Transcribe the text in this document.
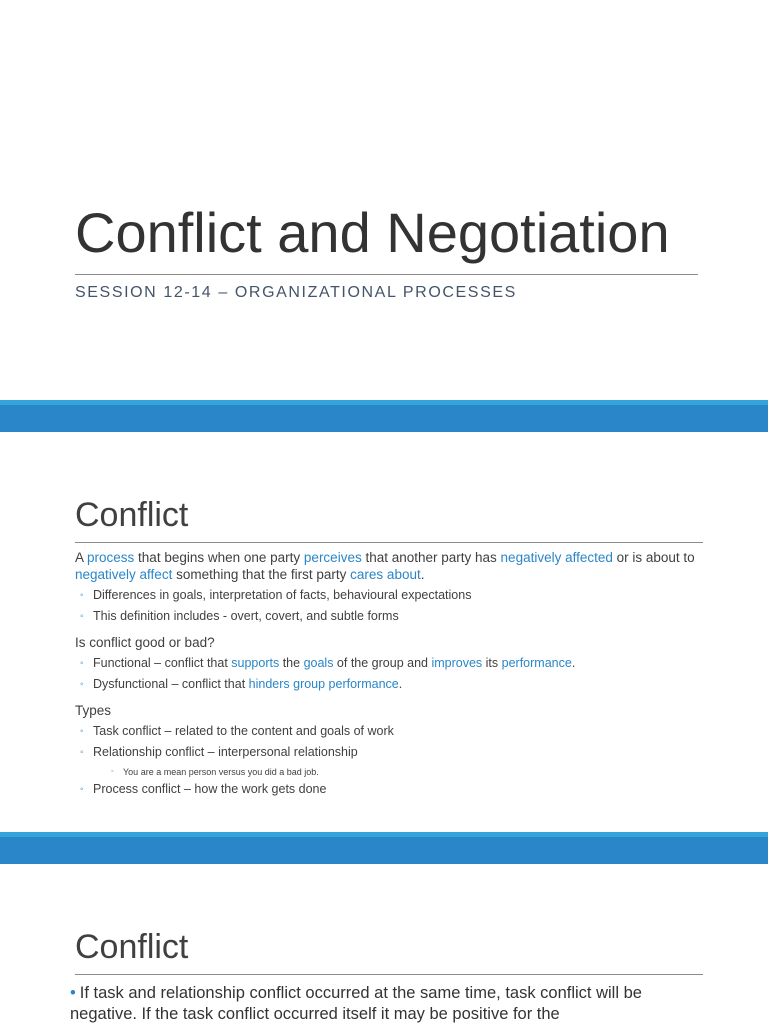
Conflict and Negotiation
SESSION 12-14 – ORGANIZATIONAL PROCESSES
Conflict

A process that begins when one party perceives that another party has negatively affected or is about to negatively affect something that the first party cares about.

◦ Differences in goals, interpretation of facts, behavioural expectations
◦ This definition includes - overt, covert, and subtle forms

Is conflict good or bad?

◦ Functional – conflict that supports the goals of the group and improves its performance.
◦ Dysfunctional – conflict that hinders group performance.

Types

◦ Task conflict – related to the content and goals of work
◦ Relationship conflict – interpersonal relationship
◦ You are a mean person versus you did a bad job.
◦ Process conflict – how the work gets done
Conflict
• If task and relationship conflict occurred at the same time, task conflict will be negative. If the task conflict occurred itself it may be positive for the
